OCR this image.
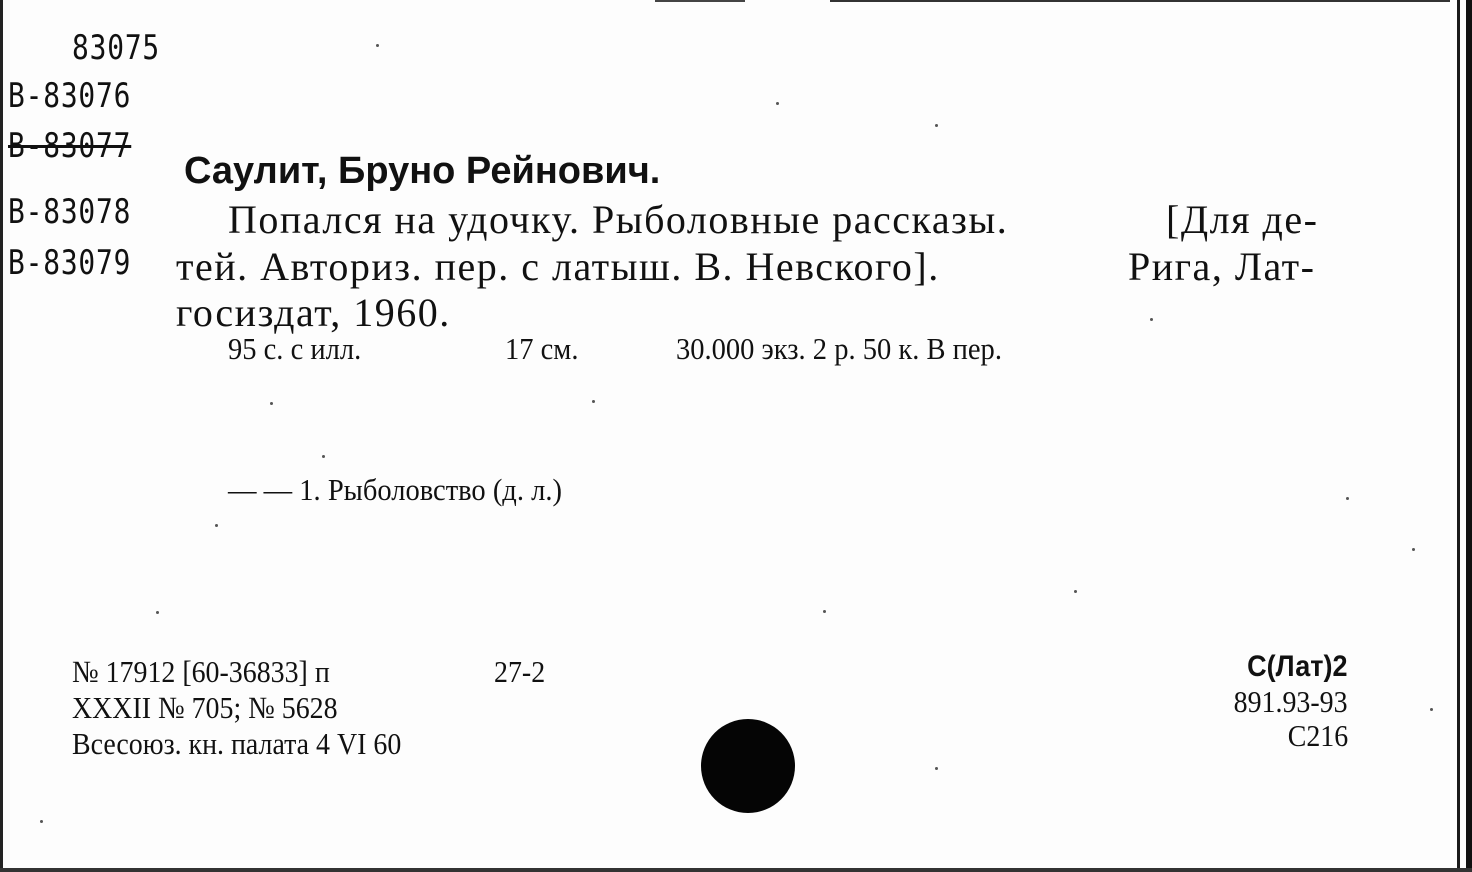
83075
В-83076
В-83077
В-83078
В-83079
Саулит, Бруно Рейнович.
Попался на удочку. Рыболовные рассказы.	[Для де-
тей. Авториз. пер. с латыш. В. Невского].	Рига, Лат-
госиздат, 1960.
95 с. с илл.	17 см.	30.000 экз. 2 р. 50 к. В пер.
— — 1. Рыболовство (д. л.)
№ 17912 [60-36833] п	27-2
XXXII № 705; № 5628
Всесоюз. кн. палата 4 VI 60
С(Лат)2
891.93-93
С216
